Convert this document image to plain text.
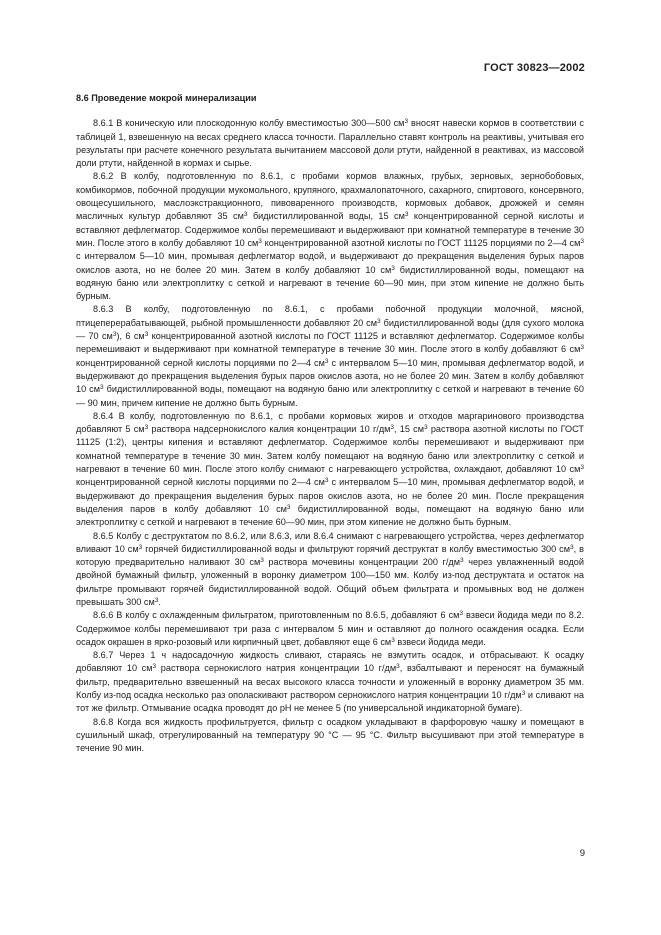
ГОСТ 30823—2002

8.6 Проведение мокрой минерализации

8.6.1 В коническую или плоскодонную колбу вместимостью 300—500 $см^3$ вносят навески кормов в соответствии с таблицей 1, взвешенную на весах среднего класса точности. Параллельно ставят контроль на реактивы, учитывая его результаты при расчете конечного результата вычитанием массовой доли ртути, найденной в реактивах, из массовой доли ртути, найденной в кормах и сырье.

8.6.2 В колбу, подготовленную по 8.6.1, с пробами кормов влажных, грубых, зерновых, зернобобовых, комбикормов, побочной продукции мукомольного, крупяного, крахмалопаточного, сахарного, спиртового, консервного, овощесушильного, маслоэкстракционного, пивоваренного производств, кормовых добавок, дрожжей и семян масличных культур добавляют 35 $см^3$ бидистиллированной воды, 15 $см^3$ концентрированной серной кислоты и вставляют дефлегматор. Содержимое колбы перемешивают и выдерживают при комнатной температуре в течение 30 мин. После этого в колбу добавляют 10 $см^3$ концентрированной азотной кислоты по ГОСТ 11125 порциями по 2—4 $см^3$ с интервалом 5—10 мин, промывая дефлегматор водой, и выдерживают до прекращения выделения бурых паров окислов азота, но не более 20 мин. Затем в колбу добавляют 10 $см^3$ бидистиллированной воды, помещают на водяную баню или электроплитку с сеткой и нагревают в течение 60—90 мин, при этом кипение не должно быть бурным.

8.6.3 В колбу, подготовленную по 8.6.1, с пробами побочной продукции молочной, мясной, птицеперерабатывающей, рыбной промышленности добавляют 20 $см^3$ бидистиллированной воды (для сухого молока — 70 $см^3$), 6 $см^3$ концентрированной азотной кислоты по ГОСТ 11125 и вставляют дефлегматор. Содержимое колбы перемешивают и выдерживают при комнатной температуре в течение 30 мин. После этого в колбу добавляют 6 $см^3$ концентрированной серной кислоты порциями по 2—4 $см^3$ с интервалом 5—10 мин, промывая дефлегматор водой, и выдерживают до прекращения выделения бурых паров окислов азота, но не более 20 мин. Затем в колбу добавляют 10 $см^3$ бидистиллированной воды, помещают на водяную баню или электроплитку с сеткой и нагревают в течение 60 — 90 мин, причем кипение не должно быть бурным.

8.6.4 В колбу, подготовленную по 8.6.1, с пробами кормовых жиров и отходов маргаринового производства добавляют 5 $см^3$ раствора надсернокислого калия концентрации 10 $г/дм^3$, 15 $см^3$ раствора азотной кислоты по ГОСТ 11125 (1:2), центры кипения и вставляют дефлегматор. Содержимое колбы перемешивают и выдерживают при комнатной температуре в течение 30 мин. Затем колбу помещают на водяную баню или электроплитку с сеткой и нагревают в течение 60 мин. После этого колбу снимают с нагревающего устройства, охлаждают, добавляют 10 $см^3$ концентрированной серной кислоты порциями по 2—4 $см^3$ с интервалом 5—10 мин, промывая дефлегматор водой, и выдерживают до прекращения выделения бурых паров окислов азота, но не более 20 мин. После прекращения выделения паров в колбу добавляют 10 $см^3$ бидистиллированной воды, помещают на водяную баню или электроплитку с сеткой и нагревают в течение 60—90 мин, при этом кипение не должно быть бурным.

8.6.5 Колбу с деструктатом по 8.6.2, или 8.6.3, или 8.6.4 снимают с нагревающего устройства, через дефлегматор вливают 10 $см^3$ горячей бидистиллированной воды и фильтруют горячий деструктат в колбу вместимостью 300 $см^3$, в которую предварительно наливают 30 $см^3$ раствора мочевины концентрации 200 $г/дм^3$ через увлажненный водой двойной бумажный фильтр, уложенный в воронку диаметром 100—150 мм. Колбу из-под деструктата и остаток на фильтре промывают горячей бидистиллированной водой. Общий объем фильтрата и промывных вод не должен превышать 300 $см^3$.

8.6.6 В колбу с охлажденным фильтратом, приготовленным по 8.6.5, добавляют 6 $см^3$ взвеси йодида меди по 8.2. Содержимое колбы перемешивают три раза с интервалом 5 мин и оставляют до полного осаждения осадка. Если осадок окрашен в ярко-розовый или кирпичный цвет, добавляют еще 6 $см^3$ взвеси йодида меди.

8.6.7 Через 1 ч надосадочную жидкость сливают, стараясь не взмутить осадок, и отбрасывают. К осадку добавляют 10 $см^3$ раствора сернокислого натрия концентрации 10 $г/дм^3$, взбалтывают и переносят на бумажный фильтр, предварительно взвешенный на весах высокого класса точности и уложенный в воронку диаметром 35 мм. Колбу из-под осадка несколько раз ополаскивают раствором сернокислого натрия концентрации 10 $г/дм^3$ и сливают на тот же фильтр. Отмывание осадка проводят до рН не менее 5 (по универсальной индикаторной бумаге).

8.6.8 Когда вся жидкость профильтруется, фильтр с осадком укладывают в фарфоровую чашку и помещают в сушильный шкаф, отрегулированный на температуру 90 °С — 95 °С. Фильтр высушивают при этой температуре в течение 90 мин.

9
